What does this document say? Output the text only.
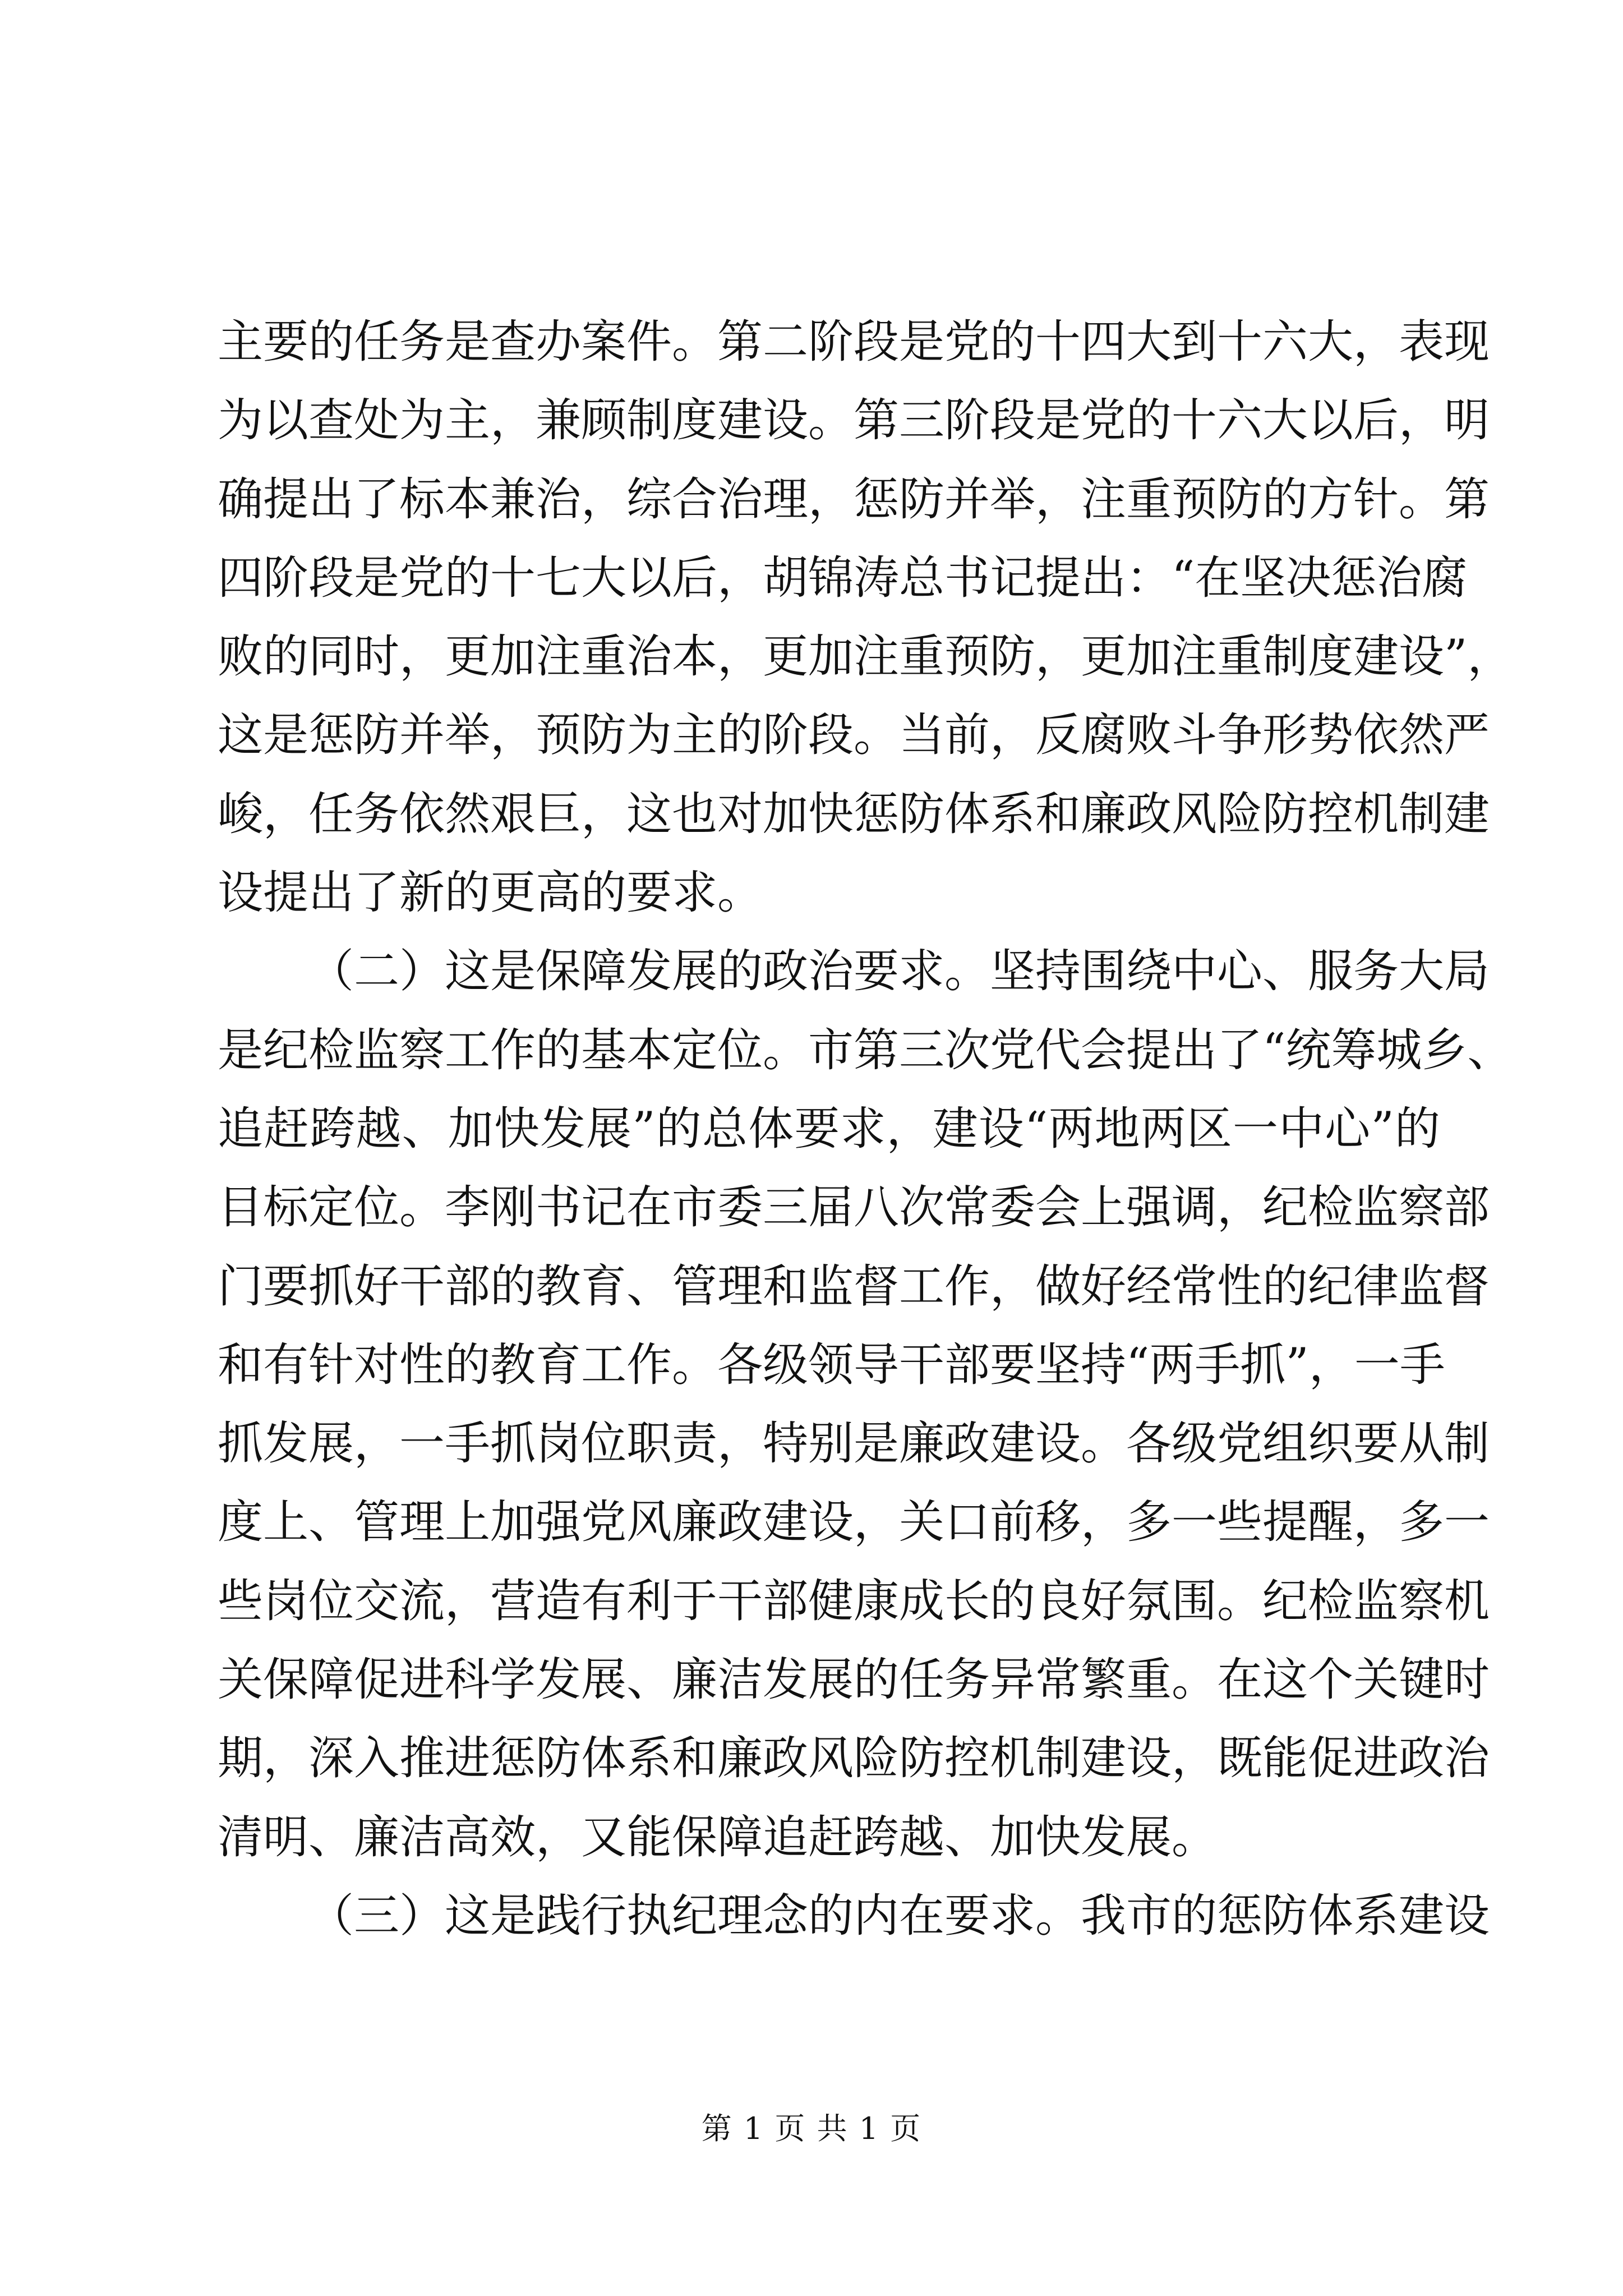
主要的任务是查办案件。第二阶段是党的十四大到十六大，表现
为以查处为主，兼顾制度建设。第三阶段是党的十六大以后，明
确提出了标本兼治，综合治理，惩防并举，注重预防的方针。第
四阶段是党的十七大以后，胡锦涛总书记提出：“在坚决惩治腐
败的同时，更加注重治本，更加注重预防，更加注重制度建设”，
这是惩防并举，预防为主的阶段。当前，反腐败斗争形势依然严
峻，任务依然艰巨，这也对加快惩防体系和廉政风险防控机制建
设提出了新的更高的要求。
（二）这是保障发展的政治要求。坚持围绕中心、服务大局
是纪检监察工作的基本定位。市第三次党代会提出了“统筹城乡、
追赶跨越、加快发展”的总体要求，建设“两地两区一中心”的
目标定位。李刚书记在市委三届八次常委会上强调，纪检监察部
门要抓好干部的教育、管理和监督工作，做好经常性的纪律监督
和有针对性的教育工作。各级领导干部要坚持“两手抓”，一手
抓发展，一手抓岗位职责，特别是廉政建设。各级党组织要从制
度上、管理上加强党风廉政建设，关口前移，多一些提醒，多一
些岗位交流，营造有利于干部健康成长的良好氛围。纪检监察机
关保障促进科学发展、廉洁发展的任务异常繁重。在这个关键时
期，深入推进惩防体系和廉政风险防控机制建设，既能促进政治
清明、廉洁高效，又能保障追赶跨越、加快发展。
（三）这是践行执纪理念的内在要求。我市的惩防体系建设
第 1 页 共 1 页
